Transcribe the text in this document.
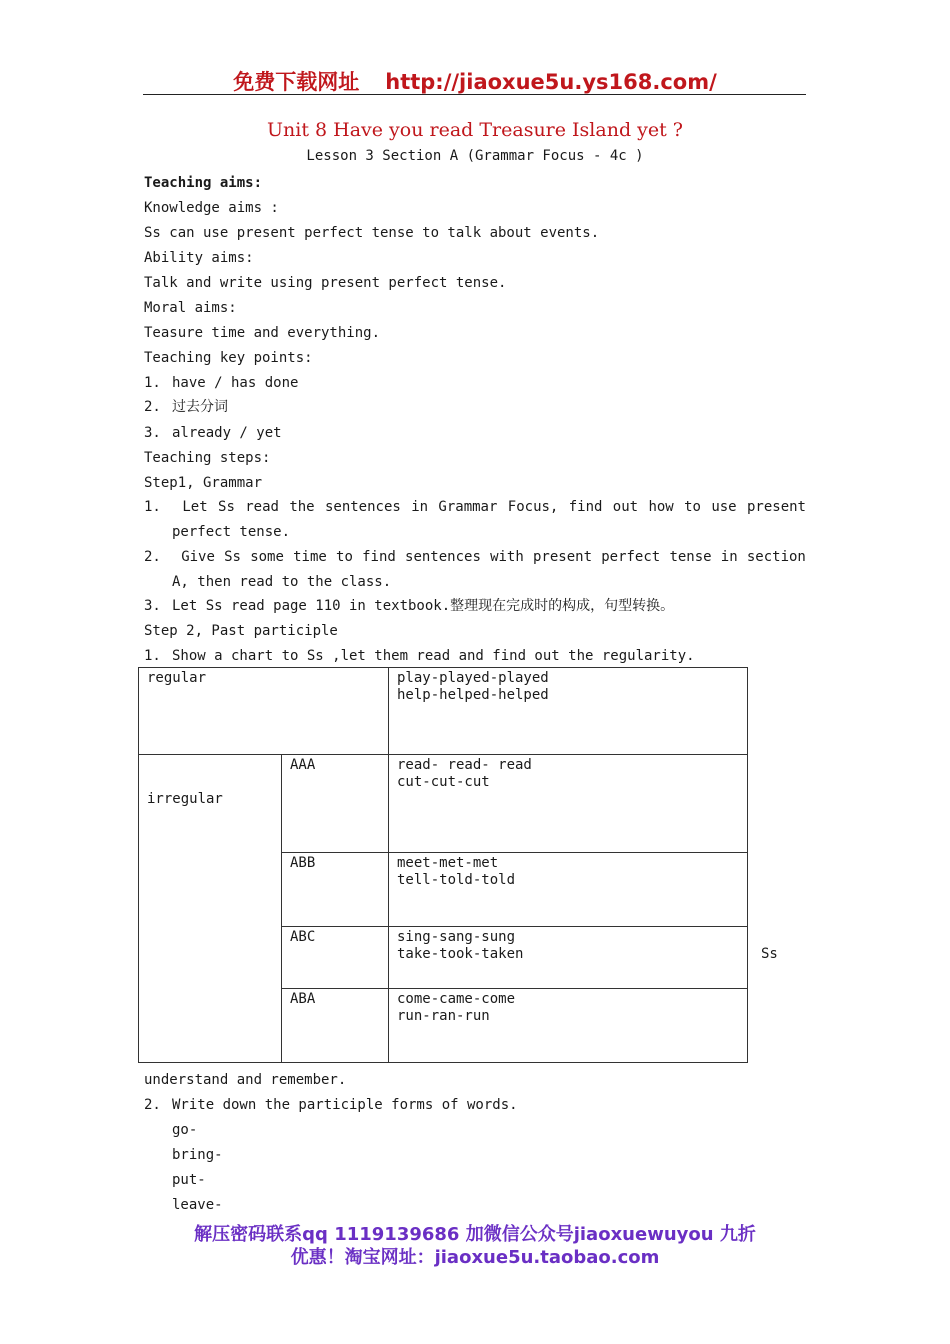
免费下载网址 http://jiaoxue5u.ys168.com/
Unit 8 Have you read Treasure Island yet ?
Lesson 3 Section A (Grammar Focus - 4c )
Teaching aims:
Knowledge aims :
Ss can use present perfect tense to talk about events.
Ability aims:
Talk and write using present perfect tense.
Moral aims:
Teasure time and everything.
Teaching key points:
1. have / has done
2. 过去分词
3. already / yet
Teaching steps:
Step1, Grammar
1.	Let Ss read the sentences in Grammar Focus, find out how to use present
perfect tense.
2.	Give Ss some time to find sentences with present perfect tense in section
A, then read to the class.
3. Let Ss read page 110 in textbook.整理现在完成时的构成，句型转换。
Step 2, Past participle
1. Show a chart to Ss ,let them read and find out the regularity.
regular		play-played-played
help-helped-helped

irregular	AAA	read- read- read
cut-cut-cut

	ABB	meet-met-met
tell-told-told

	ABC	sing-sang-sung
take-took-taken

	ABA	come-came-come
run-ran-run
Ss
understand and remember.
2. Write down the participle forms of words.
go-
bring-
put-
leave-
解压密码联系qq 1119139686 加微信公众号jiaoxuewuyou 九折
优惠！淘宝网址：jiaoxue5u.taobao.com
